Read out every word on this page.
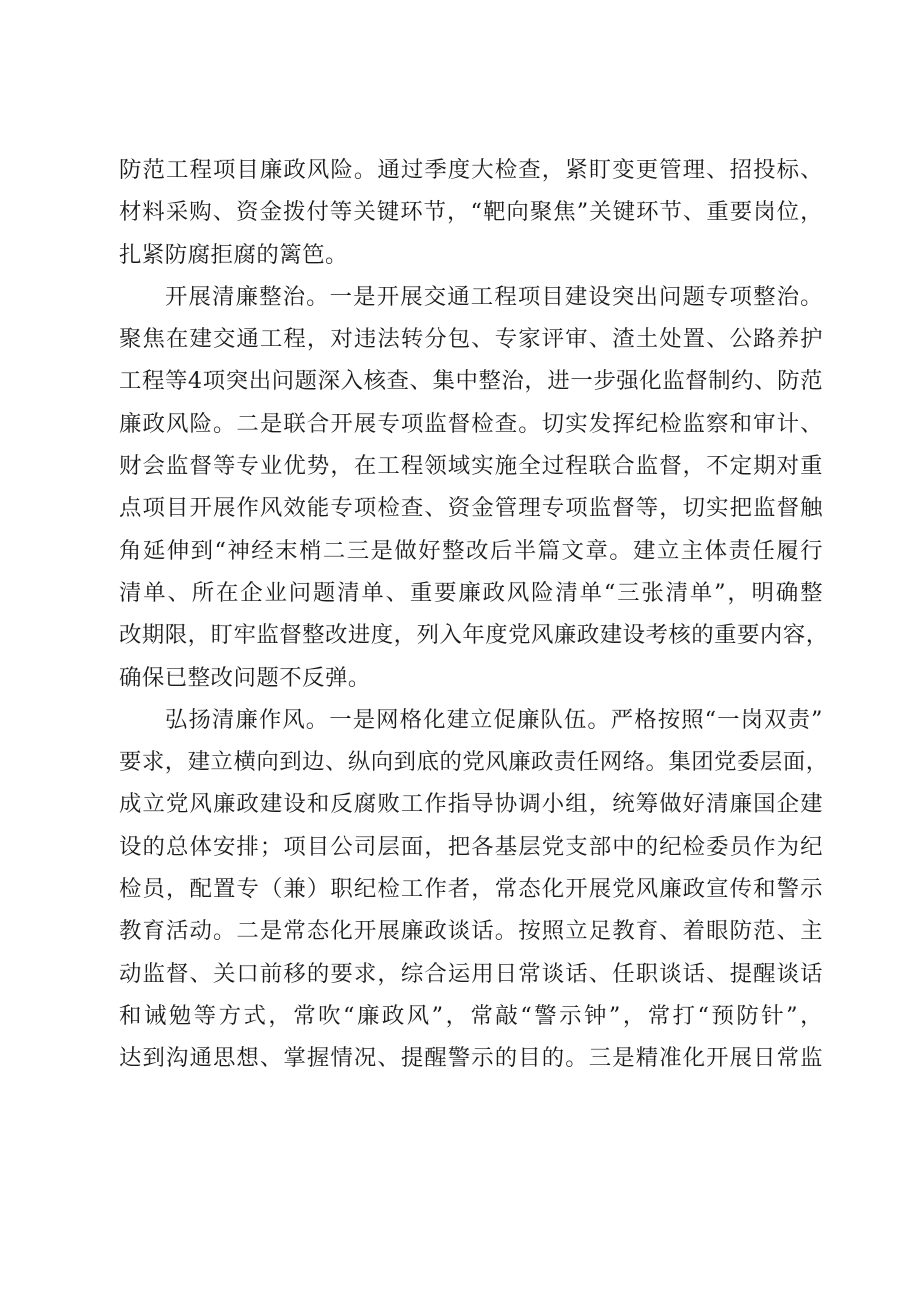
防范工程项目廉政风险。通过季度大检查，紧盯变更管理、招投标、
材料采购、资金拨付等关键环节，“靶向聚焦”关键环节、重要岗位，
扎紧防腐拒腐的篱笆。
开展清廉整治。一是开展交通工程项目建设突出问题专项整治。
聚焦在建交通工程，对违法转分包、专家评审、渣土处置、公路养护
工程等4项突出问题深入核查、集中整治，进一步强化监督制约、防范
廉政风险。二是联合开展专项监督检查。切实发挥纪检监察和审计、
财会监督等专业优势，在工程领域实施全过程联合监督，不定期对重
点项目开展作风效能专项检查、资金管理专项监督等，切实把监督触
角延伸到“神经末梢二三是做好整改后半篇文章。建立主体责任履行
清单、所在企业问题清单、重要廉政风险清单“三张清单”，明确整
改期限，盯牢监督整改进度，列入年度党风廉政建设考核的重要内容，
确保已整改问题不反弹。
弘扬清廉作风。一是网格化建立促廉队伍。严格按照“一岗双责”
要求，建立横向到边、纵向到底的党风廉政责任网络。集团党委层面，
成立党风廉政建设和反腐败工作指导协调小组，统筹做好清廉国企建
设的总体安排；项目公司层面，把各基层党支部中的纪检委员作为纪
检员，配置专（兼）职纪检工作者，常态化开展党风廉政宣传和警示
教育活动。二是常态化开展廉政谈话。按照立足教育、着眼防范、主
动监督、关口前移的要求，综合运用日常谈话、任职谈话、提醒谈话
和诫勉等方式，常吹“廉政风”，常敲“警示钟”，常打“预防针”，
达到沟通思想、掌握情况、提醒警示的目的。三是精准化开展日常监
